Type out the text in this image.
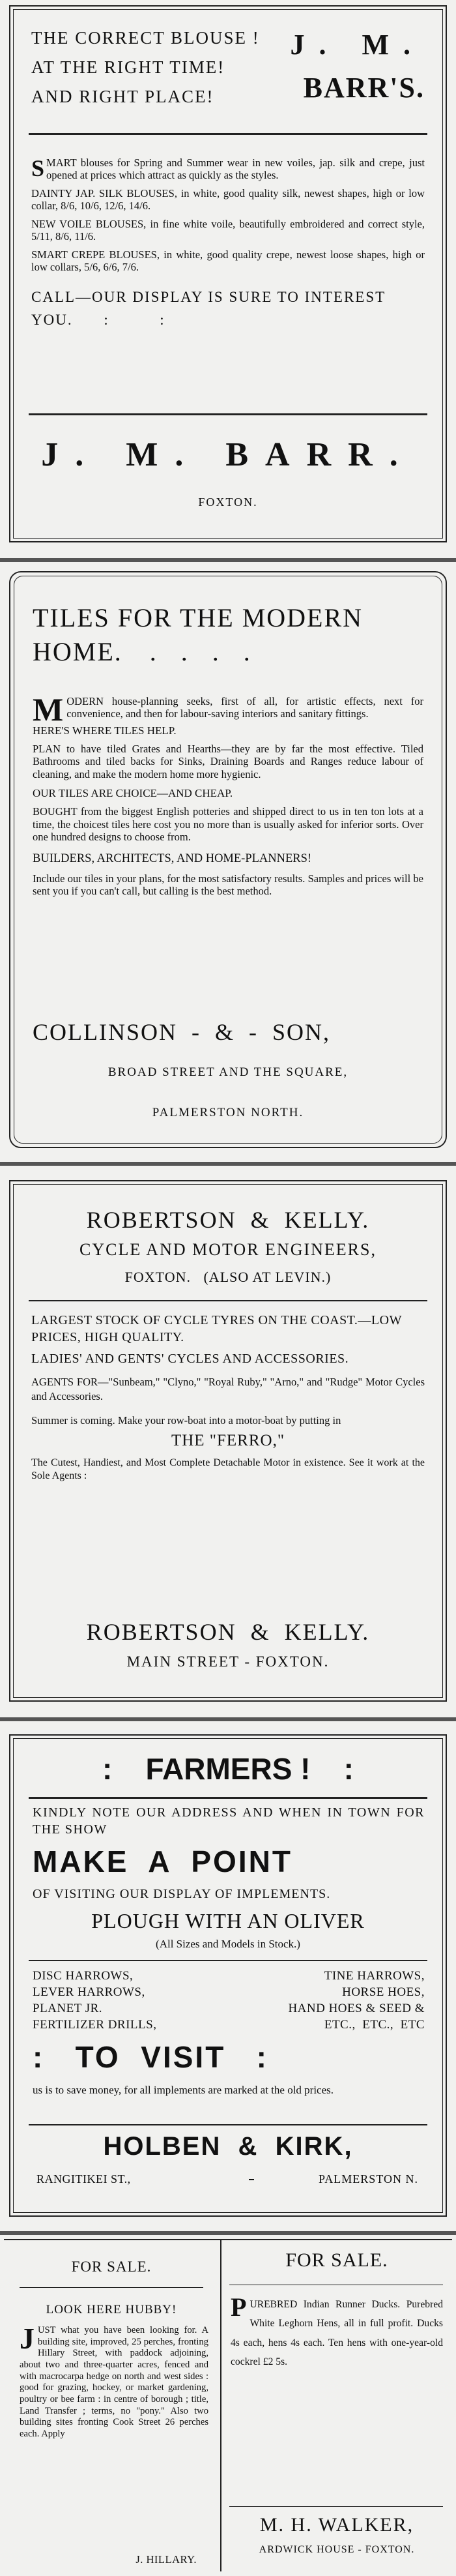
THE CORRECT BLOUSE !
AT THE RIGHT TIME!
AND RIGHT PLACE!
J. M.
BARR'S.

SMART blouses for Spring and Summer wear in new voiles, jap. silk and crepe, just opened at prices which attract as quickly as the styles.

DAINTY JAP. SILK BLOUSES, in white, good quality silk, newest shapes, high or low collar, 8/6, 10/6, 12/6, 14/6.

NEW VOILE BLOUSES, in fine white voile, beautifully embroidered and correct style, 5/11, 8/6, 11/6.

SMART CREPE BLOUSES, in white, good quality crepe, newest loose shapes, high or low collars, 5/6, 6/6, 7/6.

CALL—OUR DISPLAY IS SURE TO INTEREST YOU. :          :

J. M. BARR.
FOXTON.
TILES FOR THE MODERN HOME. .   .   .   .

MODERN house-planning seeks, first of all, for artistic effects, next for convenience, and then for labour-saving interiors and sanitary fittings.

HERE'S WHERE TILES HELP.

PLAN to have tiled Grates and Hearths—they are by far the most effective. Tiled Bathrooms and tiled backs for Sinks, Draining Boards and Ranges reduce labour of cleaning, and make the modern home more hygienic.

OUR TILES ARE CHOICE—AND CHEAP.

BOUGHT from the biggest English potteries and shipped direct to us in ten ton lots at a time, the choicest tiles here cost you no more than is usually asked for inferior sorts. Over one hundred designs to choose from.

BUILDERS, ARCHITECTS, AND HOME-PLANNERS!

Include our tiles in your plans, for the most satisfactory results. Samples and prices will be sent you if you can't call, but calling is the best method.

COLLINSON  -  &  -  SON,
BROAD STREET AND THE SQUARE,
PALMERSTON NORTH.
ROBERTSON  &  KELLY.
CYCLE AND MOTOR ENGINEERS,
FOXTON.   (ALSO AT LEVIN.)

LARGEST STOCK OF CYCLE TYRES ON THE COAST.—LOW PRICES, HIGH QUALITY.

LADIES' AND GENTS' CYCLES AND ACCESSORIES.

AGENTS FOR—"Sunbeam," "Clyno," "Royal Ruby," "Arno," and "Rudge" Motor Cycles and Accessories.

Summer is coming. Make your row-boat into a motor-boat by putting in

THE "FERRO,"

The Cutest, Handiest, and Most Complete Detachable Motor in existence. See it work at the Sole Agents :

ROBERTSON  &  KELLY.
MAIN STREET - FOXTON.
:    FARMERS !    :
KINDLY NOTE OUR ADDRESS AND WHEN IN TOWN FOR THE SHOW
MAKE  A  POINT
OF VISITING OUR DISPLAY OF IMPLEMENTS.
PLOUGH WITH AN OLIVER
(All Sizes and Models in Stock.)
DISC HARROWS,
LEVER HARROWS,
PLANET JR.
FERTILIZER DRILLS,
TINE HARROWS,
HORSE HOES,
HAND HOES & SEED &
ETC.,  ETC.,  ETC
:   TO  VISIT   :
us is to save money, for all implements are marked at the old prices.
HOLBEN  &  KIRK,
RANGITIKEI ST.,	PALMERSTON N.
FOR SALE.
LOOK HERE HUBBY!
JUST what you have been looking for. A building site, improved, 25 perches, fronting Hillary Street, with paddock adjoining, about two and three-quarter acres, fenced and with macrocarpa hedge on north and west sides : good for grazing, hockey, or market gardening, poultry or bee farm : in centre of borough ; title, Land Transfer ; terms, no "pony." Also two building sites fronting Cook Street 26 perches each. Apply
J. HILLARY.
FOR SALE.
PUREBRED Indian Runner Ducks. Purebred White Leghorn Hens, all in full profit. Ducks 4s each, hens 4s each. Ten hens with one-year-old cockrel £2 5s.
M. H. WALKER,
ARDWICK HOUSE - FOXTON.
